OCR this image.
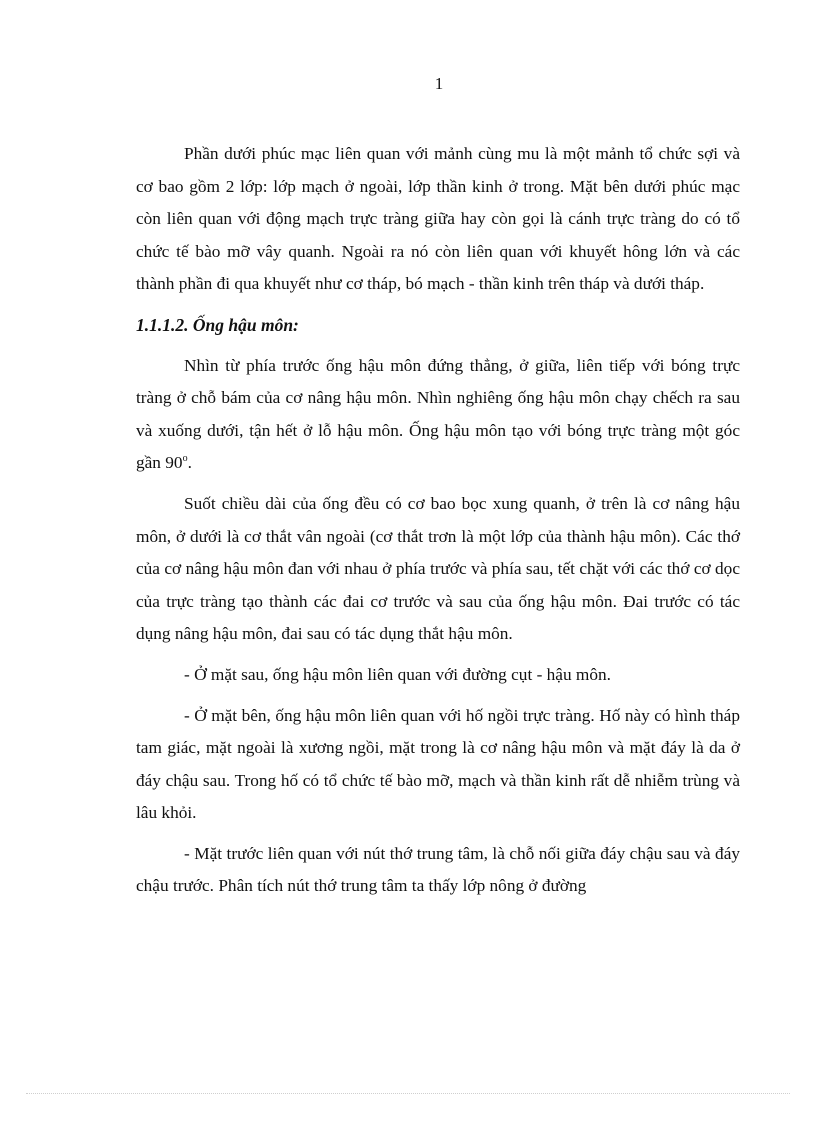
1

Phần dưới phúc mạc liên quan với mảnh cùng mu là một mảnh tổ chức sợi và cơ bao gồm 2 lớp: lớp mạch ở ngoài, lớp thần kinh ở trong. Mặt bên dưới phúc mạc còn liên quan với động mạch trực tràng giữa hay còn gọi là cánh trực tràng do có tổ chức tế bào mỡ vây quanh. Ngoài ra nó còn liên quan với khuyết hông lớn và các thành phần đi qua khuyết như cơ tháp, bó mạch - thần kinh trên tháp và dưới tháp.

1.1.1.2. Ống hậu môn:

Nhìn từ phía trước ống hậu môn đứng thẳng, ở giữa, liên tiếp với bóng trực tràng ở chỗ bám của cơ nâng hậu môn. Nhìn nghiêng ống hậu môn chạy chếch ra sau và xuống dưới, tận hết ở lỗ hậu môn. Ống hậu môn tạo với bóng trực tràng một góc gần 90$^o$.

Suốt chiều dài của ống đều có cơ bao bọc xung quanh, ở trên là cơ nâng hậu môn, ở dưới là cơ thắt vân ngoài (cơ thắt trơn là một lớp của thành hậu môn). Các thớ của cơ nâng hậu môn đan với nhau ở phía trước và phía sau, tết chặt với các thớ cơ dọc của trực tràng tạo thành các đai cơ trước và sau của ống hậu môn. Đai trước có tác dụng nâng hậu môn, đai sau có tác dụng thắt hậu môn.

- Ở mặt sau, ống hậu môn liên quan với đường cụt - hậu môn.

- Ở mặt bên, ống hậu môn liên quan với hố ngồi trực tràng. Hố này có hình tháp tam giác, mặt ngoài là xương ngồi, mặt trong là cơ nâng hậu môn và mặt đáy là da ở đáy chậu sau. Trong hố có tổ chức tế bào mỡ, mạch và thần kinh rất dễ nhiễm trùng và lâu khỏi.

- Mặt trước liên quan với nút thớ trung tâm, là chỗ nối giữa đáy chậu sau và đáy chậu trước. Phân tích nút thớ trung tâm ta thấy lớp nông ở đường
